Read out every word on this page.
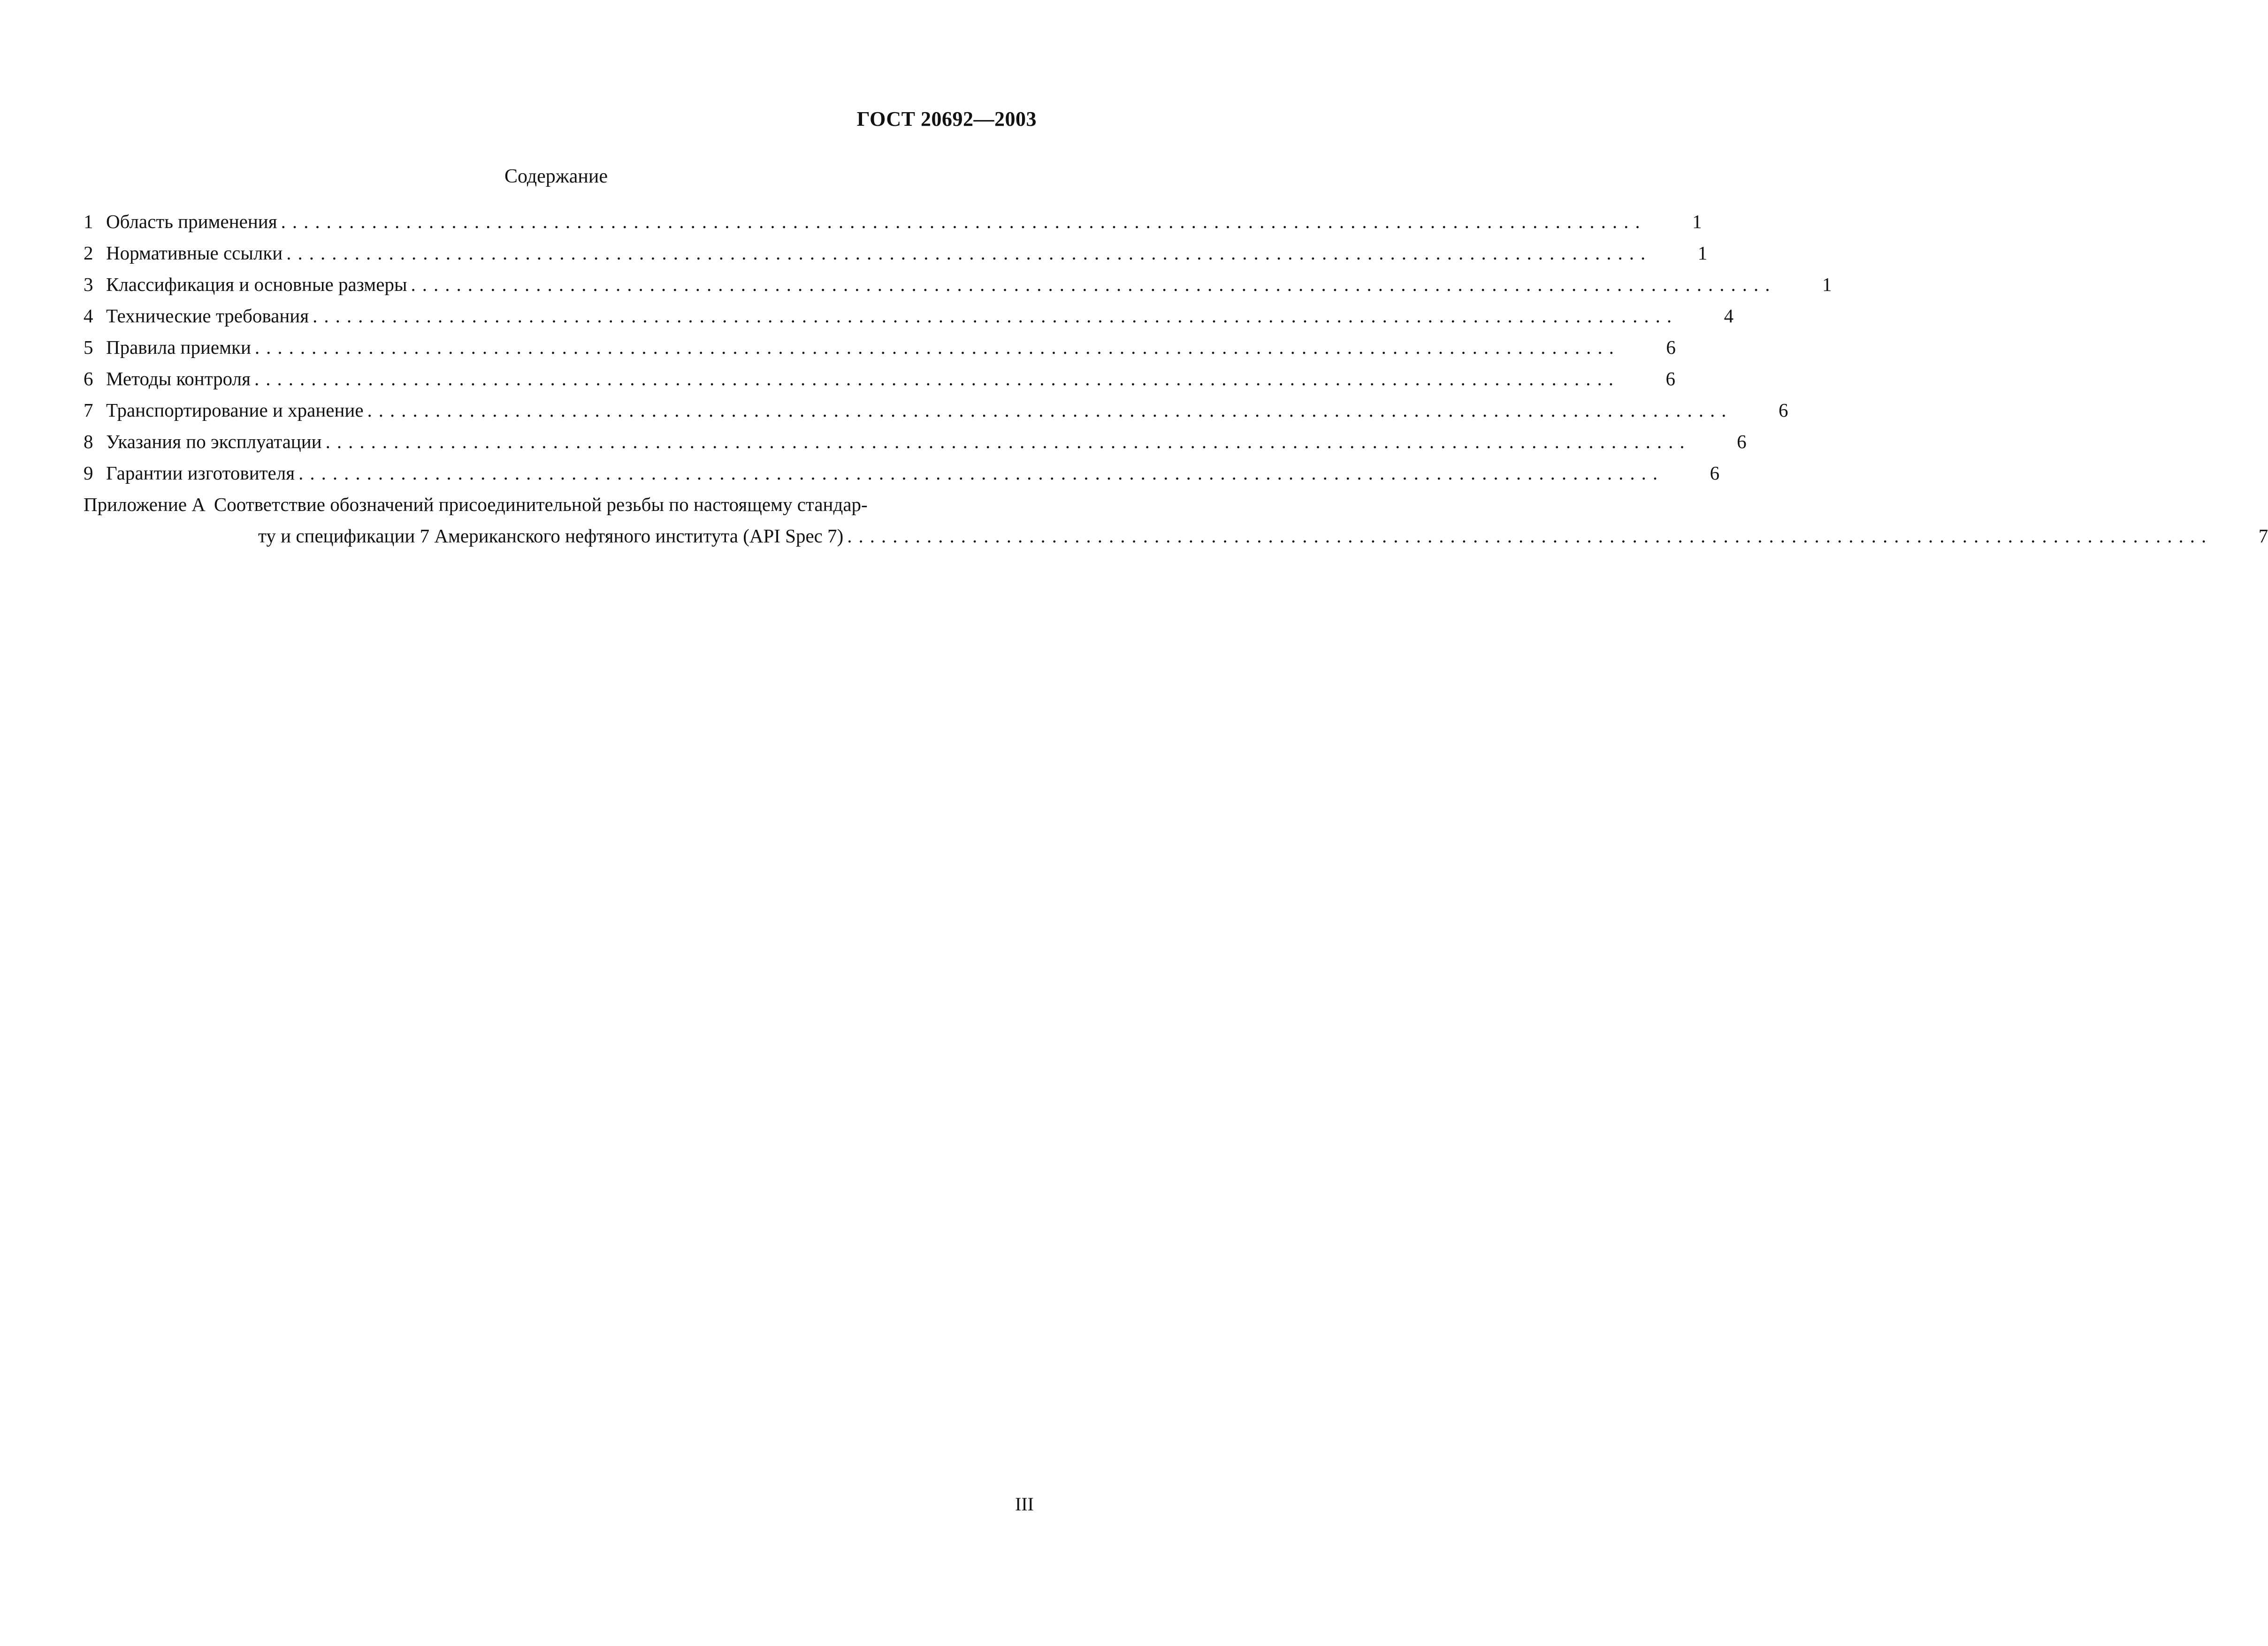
ГОСТ 20692—2003
Содержание
1 Область применения ........................................................................................................................	1
2 Нормативные ссылки ........................................................................................................................	1
3 Классификация и основные размеры ........................................................................................................................	1
4 Технические требования ........................................................................................................................	4
5 Правила приемки ........................................................................................................................	6
6 Методы контроля ........................................................................................................................	6
7 Транспортирование и хранение ........................................................................................................................	6
8 Указания по эксплуатации ........................................................................................................................	6
9 Гарантии изготовителя ........................................................................................................................	6
Приложение А Соответствие обозначений присоединительной резьбы по настоящему стандар-
ту и спецификации 7 Американского нефтяного института (API Spec 7) ........................................................................................................................	7
III
